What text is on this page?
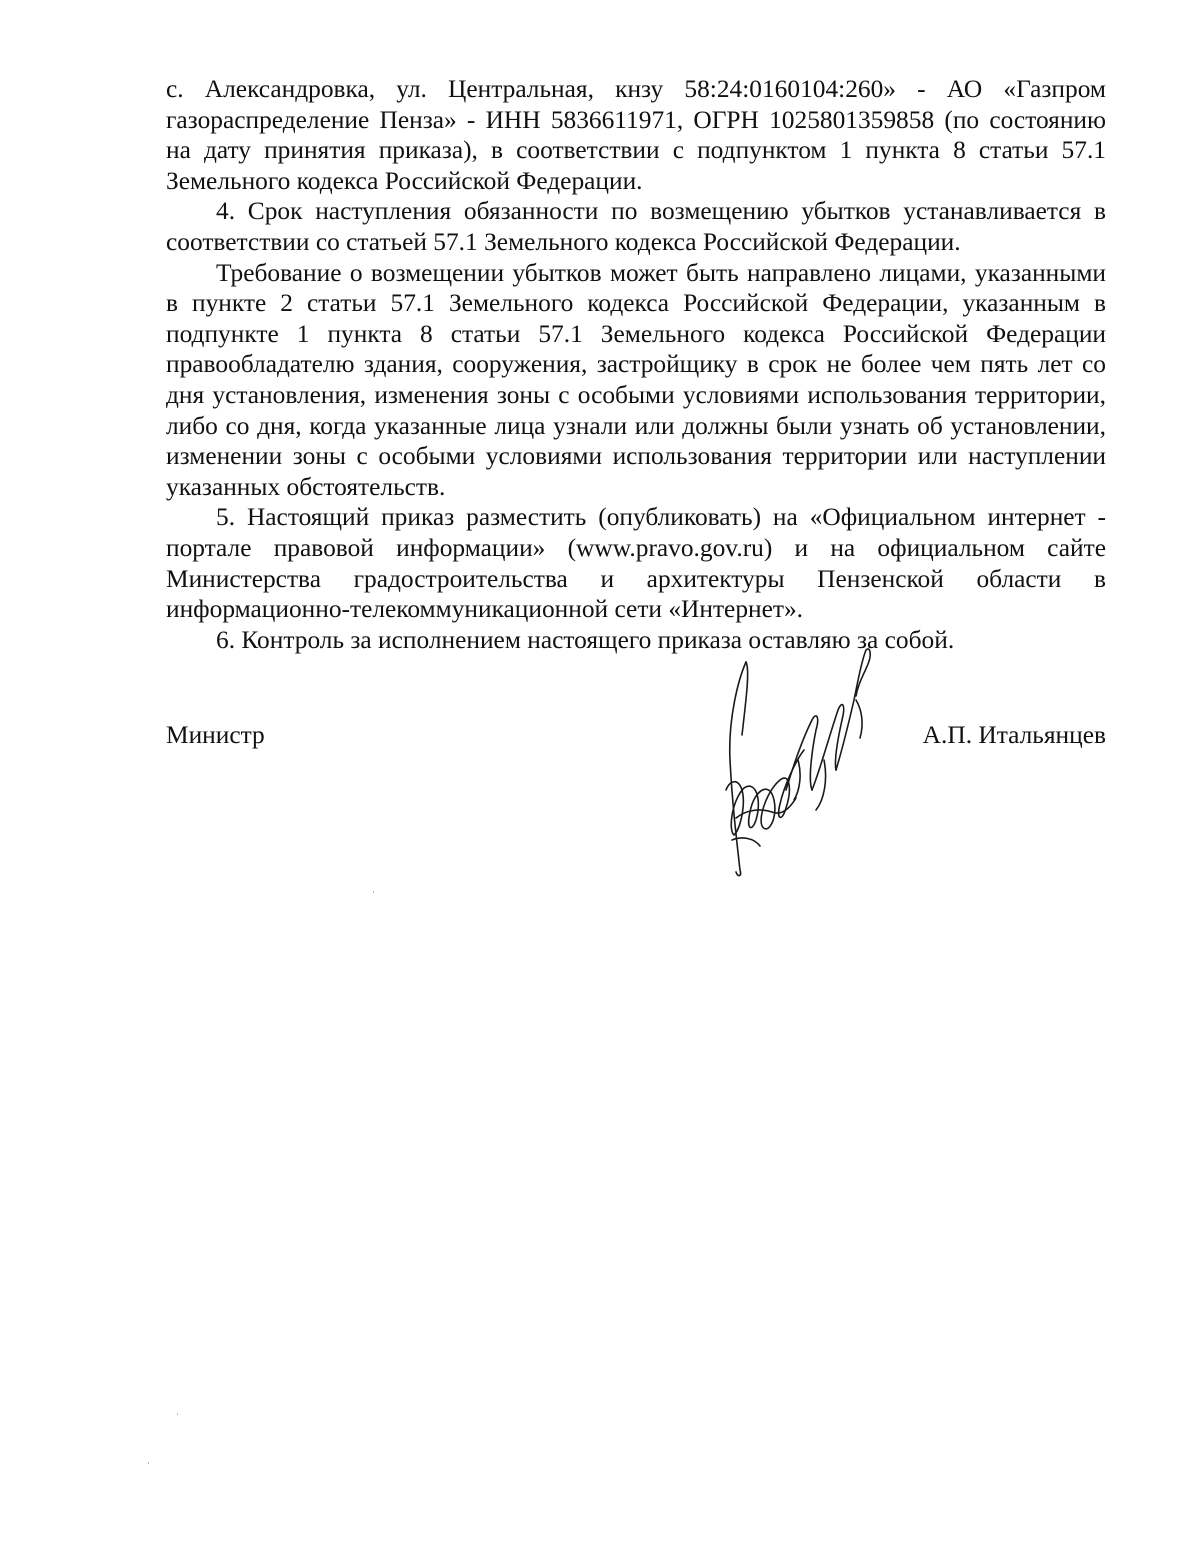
с. Александровка, ул. Центральная, кнзу 58:24:0160104:260» - АО «Газпром газораспределение Пенза» - ИНН 5836611971, ОГРН 1025801359858 (по состоянию на дату принятия приказа), в соответствии с подпунктом 1 пункта 8 статьи 57.1 Земельного кодекса Российской Федерации.

4. Срок наступления обязанности по возмещению убытков устанавливается в соответствии со статьей 57.1 Земельного кодекса Российской Федерации.

Требование о возмещении убытков может быть направлено лицами, указанными в пункте 2 статьи 57.1 Земельного кодекса Российской Федерации, указанным в подпункте 1 пункта 8 статьи 57.1 Земельного кодекса Российской Федерации правообладателю здания, сооружения, застройщику в срок не более чем пять лет со дня установления, изменения зоны с особыми условиями использования территории, либо со дня, когда указанные лица узнали или должны были узнать об установлении, изменении зоны с особыми условиями использования территории или наступлении указанных обстоятельств.

5. Настоящий приказ разместить (опубликовать) на «Официальном интернет - портале правовой информации» (www.pravo.gov.ru) и на официальном сайте Министерства градостроительства и архитектуры Пензенской области в информационно-телекоммуникационной сети «Интернет».

6. Контроль за исполнением настоящего приказа оставляю за собой.

Министр	А.П. Итальянцев
